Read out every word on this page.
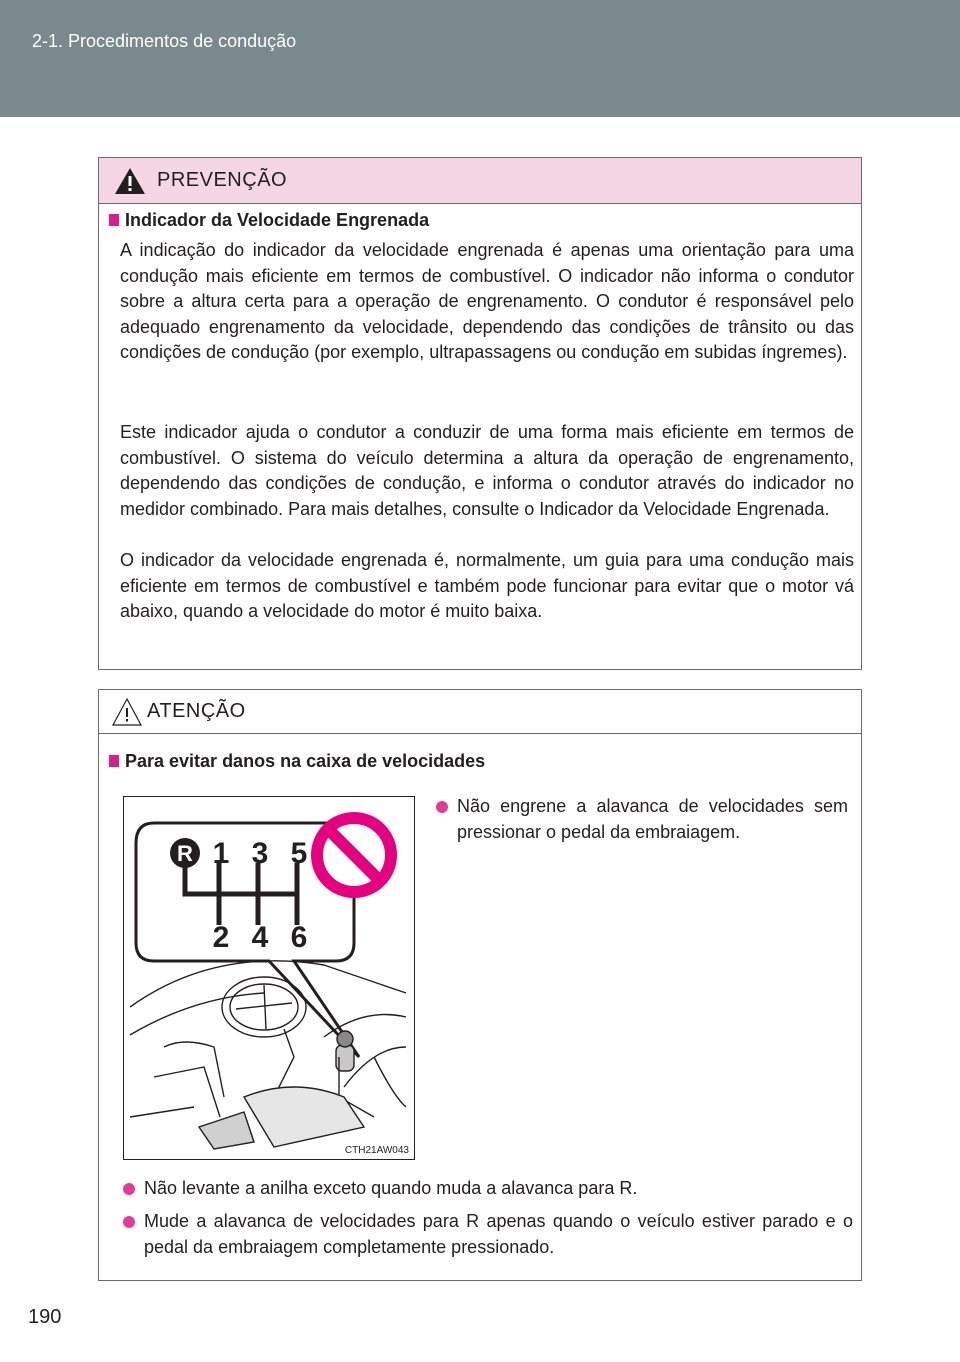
2-1. Procedimentos de condução
PREVENÇÃO
Indicador da Velocidade Engrenada

A indicação do indicador da velocidade engrenada é apenas uma orientação para uma condução mais eficiente em termos de combustível. O indicador não informa o condutor sobre a altura certa para a operação de engrenamento. O condutor é responsável pelo adequado engrenamento da velocidade, dependendo das condições de trânsito ou das condições de condução (por exemplo, ultrapassagens ou condução em subidas íngremes).

Este indicador ajuda o condutor a conduzir de uma forma mais eficiente em termos de combustível. O sistema do veículo determina a altura da operação de engrenamento, dependendo das condições de condução, e informa o condutor através do indicador no medidor combinado. Para mais detalhes, consulte o Indicador da Velocidade Engrenada.

O indicador da velocidade engrenada é, normalmente, um guia para uma condução mais eficiente em termos de combustível e também pode funcionar para evitar que o motor vá abaixo, quando a velocidade do motor é muito baixa.

ATENÇÃO
Para evitar danos na caixa de velocidades
R 1 3 5
2 4 6
CTH21AW043
Não engrene a alavanca de velocidades sem pressionar o pedal da embraiagem.
Não levante a anilha exceto quando muda a alavanca para R.
Mude a alavanca de velocidades para R apenas quando o veículo estiver parado e o pedal da embraiagem completamente pressionado.
190
